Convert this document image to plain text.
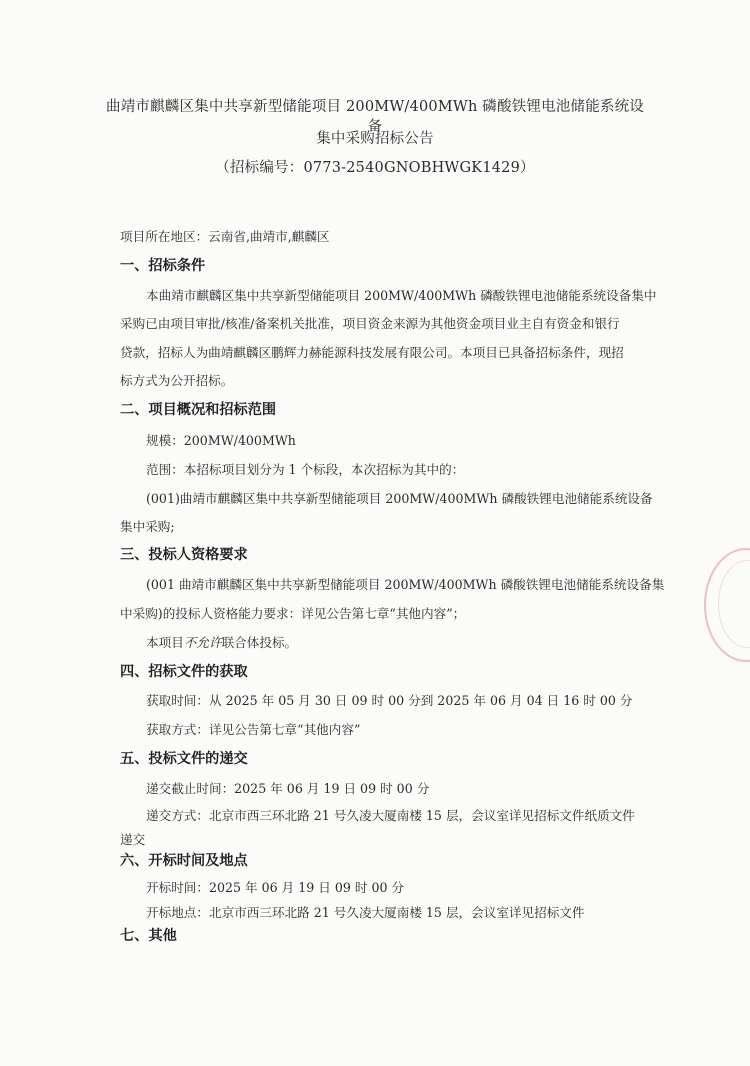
曲靖市麒麟区集中共享新型储能项目 200MW/400MWh 磷酸铁锂电池储能系统设备
集中采购招标公告
（招标编号：0773-2540GNOBHWGK1429）
项目所在地区：云南省,曲靖市,麒麟区
一、招标条件
本曲靖市麒麟区集中共享新型储能项目 200MW/400MWh 磷酸铁锂电池储能系统设备集中
采购已由项目审批/核准/备案机关批准，项目资金来源为其他资金项目业主自有资金和银行
贷款，招标人为曲靖麒麟区鹏辉力赫能源科技发展有限公司。本项目已具备招标条件，现招
标方式为公开招标。
二、项目概况和招标范围
规模：200MW/400MWh
范围：本招标项目划分为 1 个标段，本次招标为其中的：
(001)曲靖市麒麟区集中共享新型储能项目 200MW/400MWh 磷酸铁锂电池储能系统设备
集中采购;
三、投标人资格要求
(001 曲靖市麒麟区集中共享新型储能项目 200MW/400MWh 磷酸铁锂电池储能系统设备集
中采购)的投标人资格能力要求：详见公告第七章“其他内容”；
本项目不允许联合体投标。
四、招标文件的获取
获取时间：从 2025 年 05 月 30 日 09 时 00 分到 2025 年 06 月 04 日 16 时 00 分
获取方式：详见公告第七章“其他内容”
五、投标文件的递交
递交截止时间：2025 年 06 月 19 日 09 时 00 分
递交方式：北京市西三环北路 21 号久凌大厦南楼 15 层，会议室详见招标文件纸质文件
递交
六、开标时间及地点
开标时间：2025 年 06 月 19 日 09 时 00 分
开标地点：北京市西三环北路 21 号久凌大厦南楼 15 层，会议室详见招标文件
七、其他
